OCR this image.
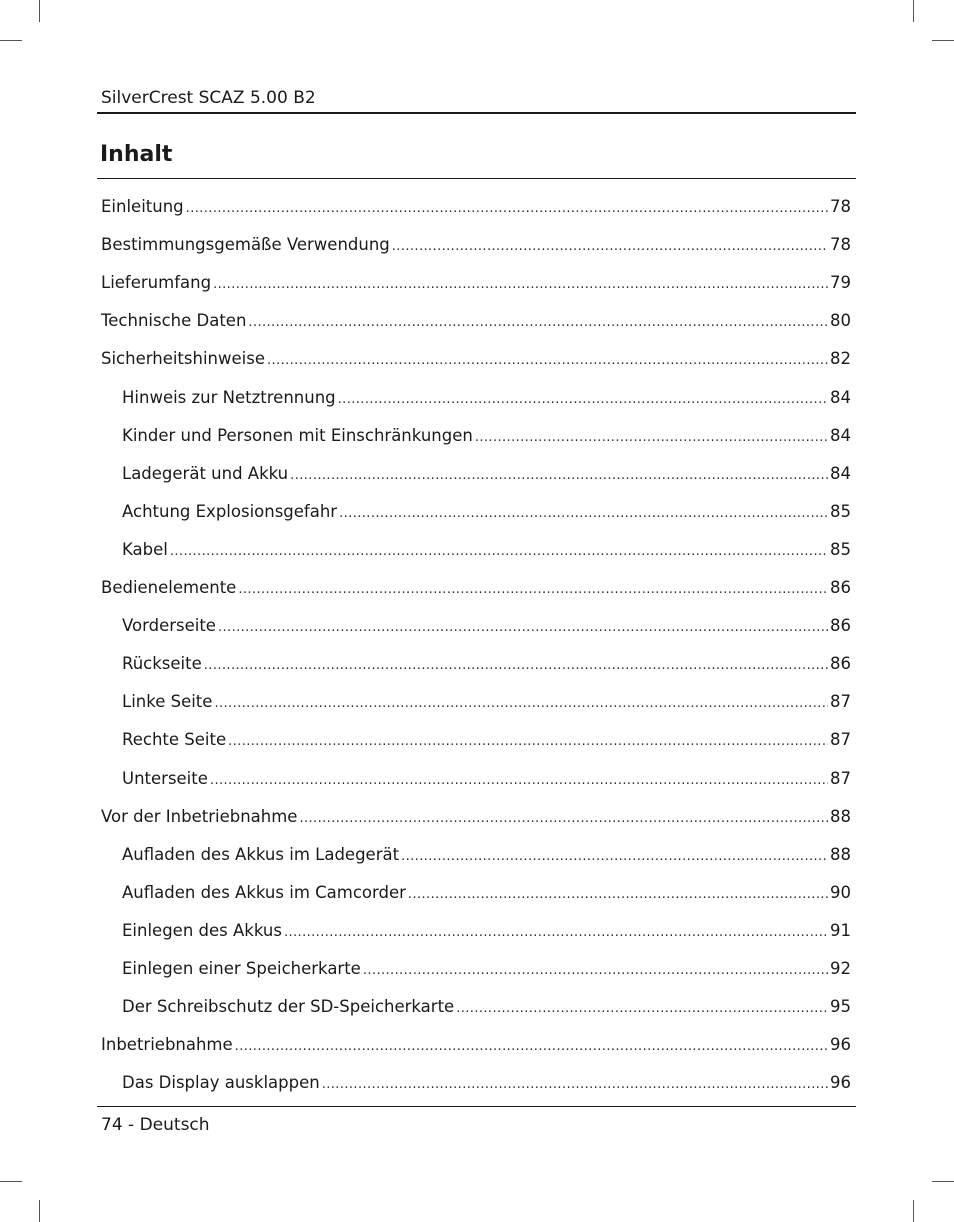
SilverCrest SCAZ 5.00 B2
Inhalt
Einleitung .....	78
Bestimmungsgemäße Verwendung .....	78
Lieferumfang .....	79
Technische Daten .....	80
Sicherheitshinweise .....	82
Hinweis zur Netztrennung .....	84
Kinder und Personen mit Einschränkungen .....	84
Ladegerät und Akku .....	84
Achtung Explosionsgefahr .....	85
Kabel .....	85
Bedienelemente .....	86
Vorderseite .....	86
Rückseite .....	86
Linke Seite .....	87
Rechte Seite .....	87
Unterseite .....	87
Vor der Inbetriebnahme .....	88
Aufladen des Akkus im Ladegerät .....	88
Aufladen des Akkus im Camcorder .....	90
Einlegen des Akkus .....	91
Einlegen einer Speicherkarte .....	92
Der Schreibschutz der SD-Speicherkarte .....	95
Inbetriebnahme .....	96
Das Display ausklappen .....	96
74 - Deutsch
